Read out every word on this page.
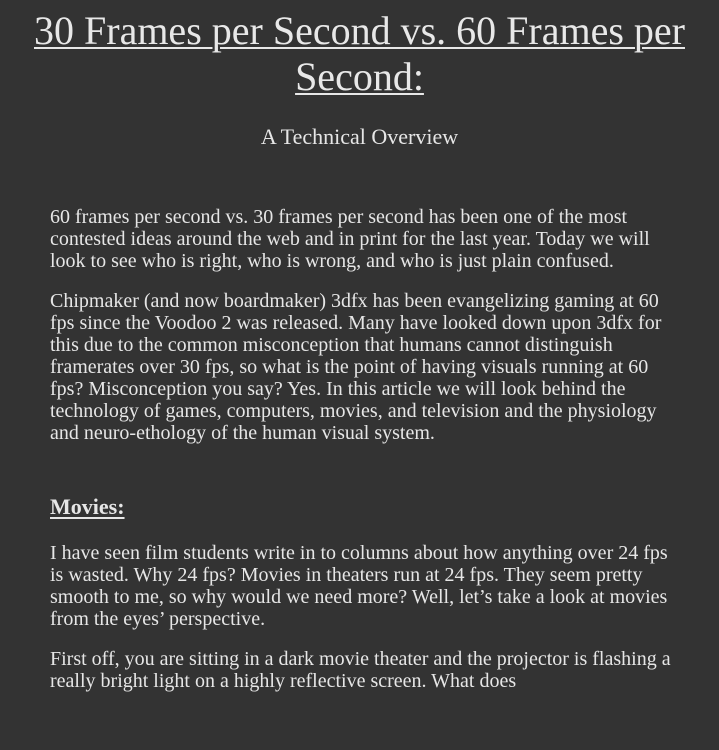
30 Frames per Second vs. 60 Frames per Second:
A Technical Overview

60 frames per second vs. 30 frames per second has been one of the most contested ideas around the web and in print for the last year. Today we will look to see who is right, who is wrong, and who is just plain confused.

Chipmaker (and now boardmaker) 3dfx has been evangelizing gaming at 60 fps since the Voodoo 2 was released. Many have looked down upon 3dfx for this due to the common misconception that humans cannot distinguish framerates over 30 fps, so what is the point of having visuals running at 60 fps? Misconception you say? Yes. In this article we will look behind the technology of games, computers, movies, and television and the physiology and neuro-ethology of the human visual system.

Movies:

I have seen film students write in to columns about how anything over 24 fps is wasted. Why 24 fps? Movies in theaters run at 24 fps. They seem pretty smooth to me, so why would we need more? Well, let’s take a look at movies from the eyes’ perspective.

First off, you are sitting in a dark movie theater and the projector is flashing a really bright light on a highly reflective screen. What does
